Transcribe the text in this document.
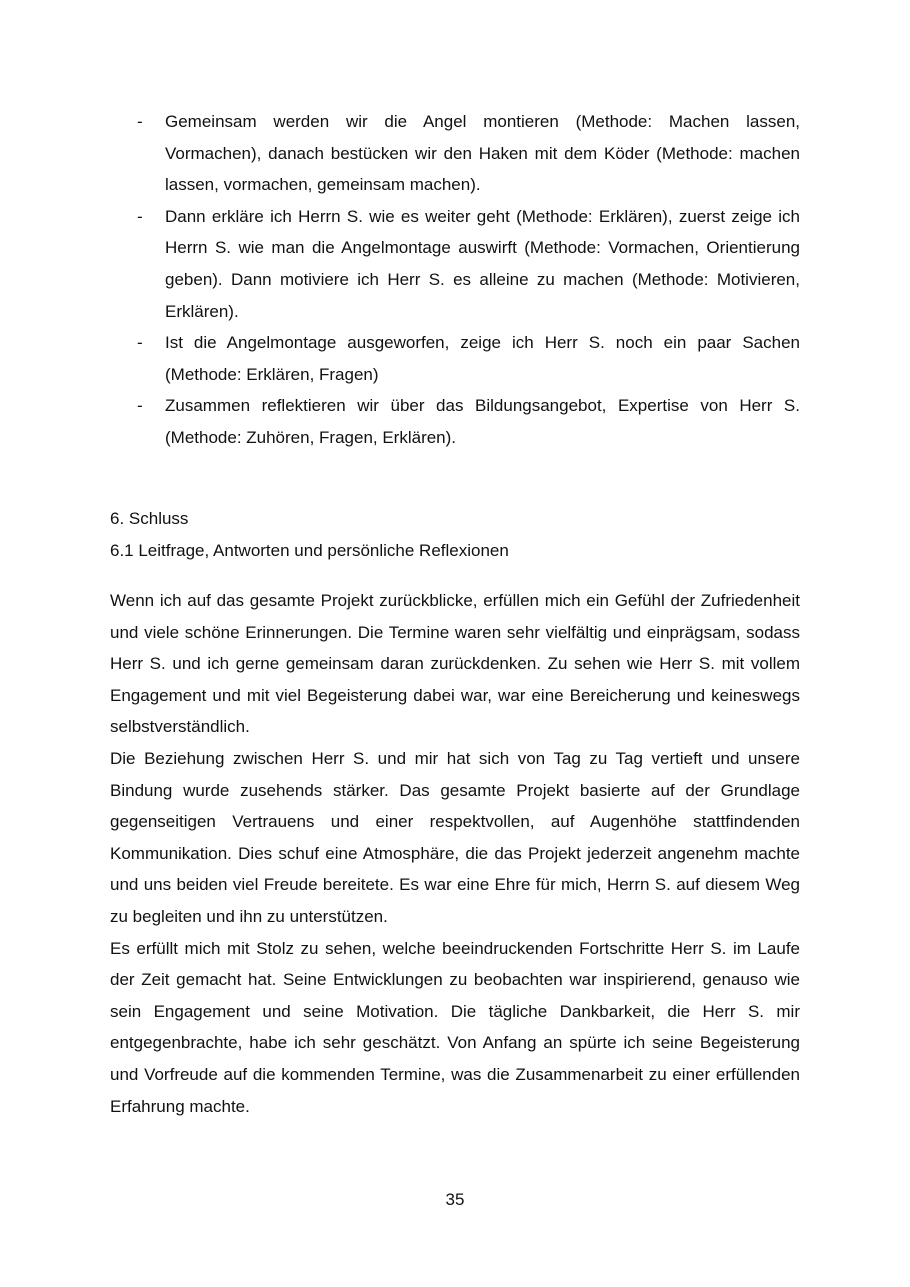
- Gemeinsam werden wir die Angel montieren (Methode: Machen lassen, Vormachen), danach bestücken wir den Haken mit dem Köder (Methode: machen lassen, vormachen, gemeinsam machen).
- Dann erkläre ich Herrn S. wie es weiter geht (Methode: Erklären), zuerst zeige ich Herrn S. wie man die Angelmontage auswirft (Methode: Vormachen, Orientierung geben). Dann motiviere ich Herr S. es alleine zu machen (Methode: Motivieren, Erklären).
- Ist die Angelmontage ausgeworfen, zeige ich Herr S. noch ein paar Sachen (Methode: Erklären, Fragen)
- Zusammen reflektieren wir über das Bildungsangebot, Expertise von Herr S. (Methode: Zuhören, Fragen, Erklären).
6. Schluss
6.1 Leitfrage, Antworten und persönliche Reflexionen

Wenn ich auf das gesamte Projekt zurückblicke, erfüllen mich ein Gefühl der Zufriedenheit und viele schöne Erinnerungen. Die Termine waren sehr vielfältig und einprägsam, sodass Herr S. und ich gerne gemeinsam daran zurückdenken. Zu sehen wie Herr S. mit vollem Engagement und mit viel Begeisterung dabei war, war eine Bereicherung und keineswegs selbstverständlich.

Die Beziehung zwischen Herr S. und mir hat sich von Tag zu Tag vertieft und unsere Bindung wurde zusehends stärker. Das gesamte Projekt basierte auf der Grundlage gegenseitigen Vertrauens und einer respektvollen, auf Augenhöhe stattfindenden Kommunikation. Dies schuf eine Atmosphäre, die das Projekt jederzeit angenehm machte und uns beiden viel Freude bereitete. Es war eine Ehre für mich, Herrn S. auf diesem Weg zu begleiten und ihn zu unterstützen.

Es erfüllt mich mit Stolz zu sehen, welche beeindruckenden Fortschritte Herr S. im Laufe der Zeit gemacht hat. Seine Entwicklungen zu beobachten war inspirierend, genauso wie sein Engagement und seine Motivation. Die tägliche Dankbarkeit, die Herr S. mir entgegenbrachte, habe ich sehr geschätzt. Von Anfang an spürte ich seine Begeisterung und Vorfreude auf die kommenden Termine, was die Zusammenarbeit zu einer erfüllenden Erfahrung machte.

35
